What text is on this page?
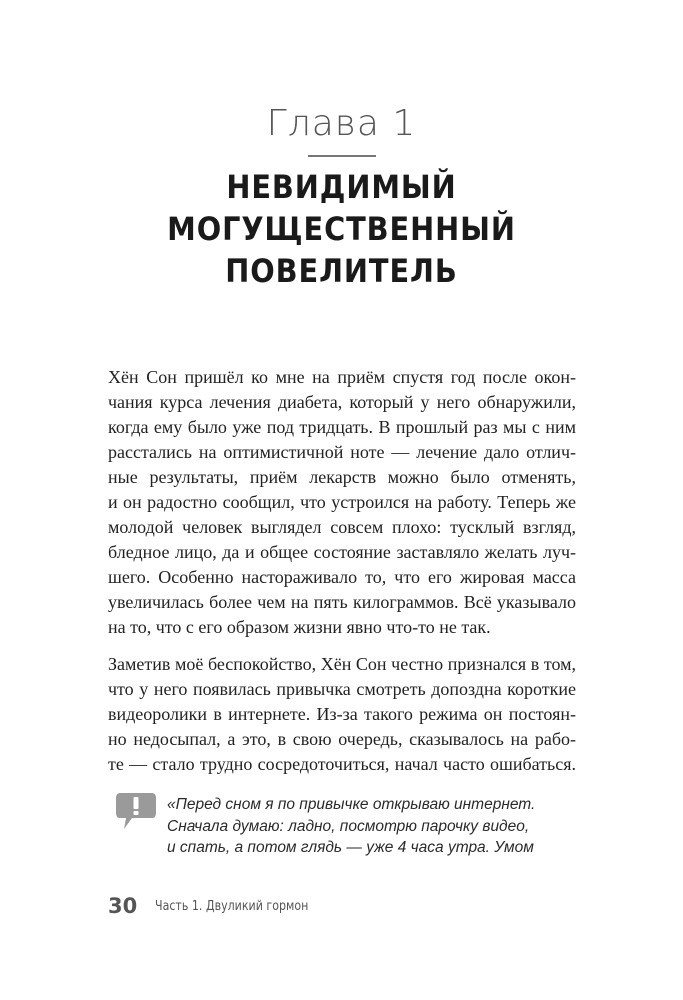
Глава 1
НЕВИДИМЫЙ
МОГУЩЕСТВЕННЫЙ
ПОВЕЛИТЕЛЬ
Хён Сон пришёл ко мне на приём спустя год после окон-
чания курса лечения диабета, который у него обнаружили,
когда ему было уже под тридцать. В прошлый раз мы с ним
расстались на оптимистичной ноте — лечение дало отлич-
ные результаты, приём лекарств можно было отменять,
и он радостно сообщил, что устроился на работу. Теперь же
молодой человек выглядел совсем плохо: тусклый взгляд,
бледное лицо, да и общее состояние заставляло желать луч-
шего. Особенно настораживало то, что его жировая масса
увеличилась более чем на пять килограммов. Всё указывало
на то, что с его образом жизни явно что-то не так.
Заметив моё беспокойство, Хён Сон честно признался в том,
что у него появилась привычка смотреть допоздна короткие
видеоролики в интернете. Из-за такого режима он постоян-
но недосыпал, а это, в свою очередь, сказывалось на рабо-
те — стало трудно сосредоточиться, начал часто ошибаться.
«Перед сном я по привычке открываю интернет.
Сначала думаю: ладно, посмотрю парочку видео,
и спать, а потом глядь — уже 4 часа утра. Умом
30 Часть 1. Двуликий гормон
